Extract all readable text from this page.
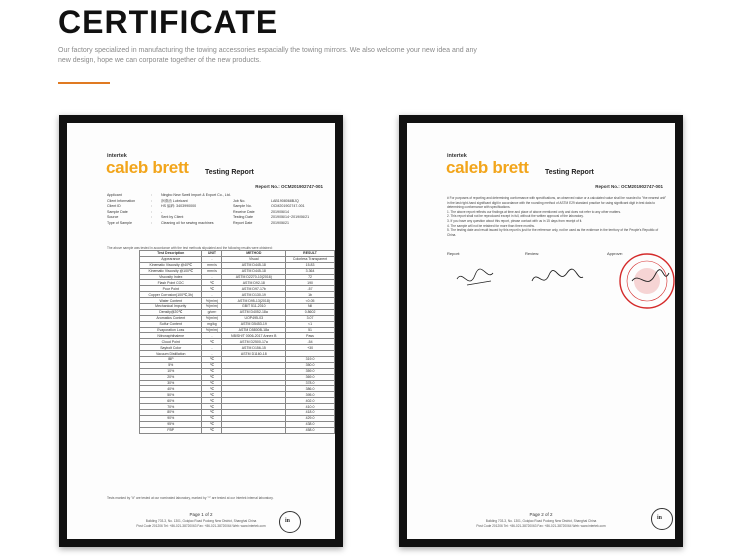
CERTIFICATE
Our factory specialized in manufacturing the towing accessories espacially the towing mirrors. We also welcome your new idea and any new design, hope we can corporate together of the new products.
intertek
caleb brett Testing Report
Report No.: OCM201902747-001
Applicant	:	Ningbo New Swell Import & Export Co., Ltd.
Client Information	:	润滑油 Lubricant	Job No.	LAB1908068BJQ
Client ID	:	HS 编码: 3403990000	Sample No.	OCM201902747-001
Sample Date	:	-	Receive Date	2019/06/14
Source	:	Sent by Client	Testing Date	2019/06/14~2019/06/21
Type of Sample	:	Cleaning oil for sewing machines	Report Date	2019/06/21
The above sample was tested in accordance with the test methods stipulated and the following results were obtained:
Test Description	UNIT	METHOD	RESULT
Appearance	-	Visual	Colorless Transparent
Kinematic Viscosity @40℃	mm²/s	ASTM D445-18	15.83
Kinematic Viscosity @100℃	mm²/s	ASTM D445-18	3.364
Viscosity Index	-	ASTM D2270-10(2016)	72
Flash Point COC	℃	ASTM D92-18	190
Pour Point	℃	ASTM D97-17b	-57
Copper Corrosion(100℃,3h)	-	ASTM D130-19	1b
Water Content	%(m/m)	ASTM D95-13(2018)	<0.05
Mechanical Impurity	%(m/m)	GB/T 511-2010	Nil
Density@20℃	g/cm³	ASTM D4052-18a	0.8602
Aromatics Content	%(m/m)	UOP495-03	3.07
Sulfur Content	mg/kg	ASTM D5453-19	<1
Evaporation Loss	%(m/m)	ASTM D5800B-18a	51
Nitronaphthalene	-	NB/SH/T 0006-2017 Annex B	Pass
Cloud Point	℃	ASTM D2500-17a	-54
Saybolt Color	-	ASTM D156-15	+30
Vacuum Distillation	-	ASTM D1160-18	
IBP	℃		319.0
5%	℃		350.0
10%	℃		359.0
20%	℃		369.0
30%	℃		378.0
40%	℃		386.0
50%	℃		395.0
60%	℃		402.0
70%	℃		410.0
80%	℃		418.0
90%	℃		429.0
95%	℃		438.0
FBP	℃		458.0
Tests marked by "#" are tested at our nominated laboratory, marked by "*" are tested at our Intertek internal laboratory.
Page 1 of 2
Building 703-3, No. 1301, Guiqiao Road Pudong New District, Shanghai China
Post Code 201206 Tel: +86-021-38720063 Fax: +86-021-38720064 Web: www.intertek.com
in
intertek
caleb brett Testing Report
Report No.: OCM201902747-001
# For purposes of reporting and determining conformance with specifications, an observed value or a calculated value shall be rounded to "the nearest unit" in the last right-hand significant digit in accordance with the rounding method of ASTM E29 standard practice for using significant digit in test data to determining conformance with specifications.
1. The above report reflects our findings at time and place of above mentioned only and does not refer to any other matters.
2. This report shall not be reproduced except in full, without the written approval of the laboratory.
3. If you have any question about this report, please contact with us in 15 days from receipt of it.
4. The sample will not be retained for more than three months.
5. The testing date and result issued by this report is just for the reference only, not be used as the evidence in the territory of the People's Republic of China.
Report:	Review:	Approve:
Page 2 of 2
Building 703-3, No. 1301, Guiqiao Road Pudong New District, Shanghai China
Post Code 201206 Tel: +86-021-38720063 Fax: +86-021-38720064 Web: www.intertek.com
in
